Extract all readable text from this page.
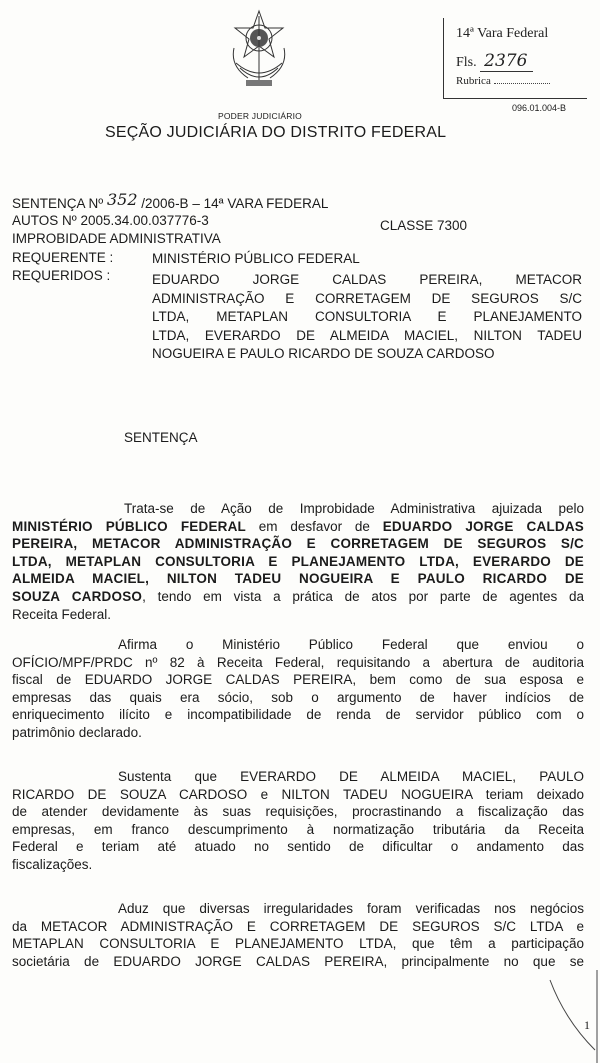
14ª Vara Federal
Fls. 2376
Rubrica
096.01.004-B
PODER JUDICIÁRIO
SEÇÃO JUDICIÁRIA DO DISTRITO FEDERAL
SENTENÇA Nº 352 /2006-B – 14ª VARA FEDERAL
AUTOS Nº 2005.34.00.037776-3	CLASSE 7300
IMPROBIDADE ADMINISTRATIVA
REQUERENTE :	MINISTÉRIO PÚBLICO FEDERAL
REQUERIDOS :	EDUARDO JORGE CALDAS PEREIRA, METACOR
ADMINISTRAÇÃO E CORRETAGEM DE SEGUROS S/C
LTDA, METAPLAN CONSULTORIA E PLANEJAMENTO
LTDA, EVERARDO DE ALMEIDA MACIEL, NILTON TADEU
NOGUEIRA E PAULO RICARDO DE SOUZA CARDOSO
SENTENÇA
Trata-se de Ação de Improbidade Administrativa ajuizada pelo
MINISTÉRIO PÚBLICO FEDERAL em desfavor de EDUARDO JORGE CALDAS
PEREIRA, METACOR ADMINISTRAÇÃO E CORRETAGEM DE SEGUROS S/C
LTDA, METAPLAN CONSULTORIA E PLANEJAMENTO LTDA, EVERARDO DE
ALMEIDA MACIEL, NILTON TADEU NOGUEIRA E PAULO RICARDO DE
SOUZA CARDOSO, tendo em vista a prática de atos por parte de agentes da
Receita Federal.
Afirma o Ministério Público Federal que enviou o
OFÍCIO/MPF/PRDC nº 82 à Receita Federal, requisitando a abertura de auditoria
fiscal de EDUARDO JORGE CALDAS PEREIRA, bem como de sua esposa e
empresas das quais era sócio, sob o argumento de haver indícios de
enriquecimento ilícito e incompatibilidade de renda de servidor público com o
patrimônio declarado.
Sustenta que EVERARDO DE ALMEIDA MACIEL, PAULO
RICARDO DE SOUZA CARDOSO e NILTON TADEU NOGUEIRA teriam deixado
de atender devidamente às suas requisições, procrastinando a fiscalização das
empresas, em franco descumprimento à normatização tributária da Receita
Federal e teriam até atuado no sentido de dificultar o andamento das
fiscalizações.
Aduz que diversas irregularidades foram verificadas nos negócios
da METACOR ADMINISTRAÇÃO E CORRETAGEM DE SEGUROS S/C LTDA e
METAPLAN CONSULTORIA E PLANEJAMENTO LTDA, que têm a participação
societária de EDUARDO JORGE CALDAS PEREIRA, principalmente no que se
1
